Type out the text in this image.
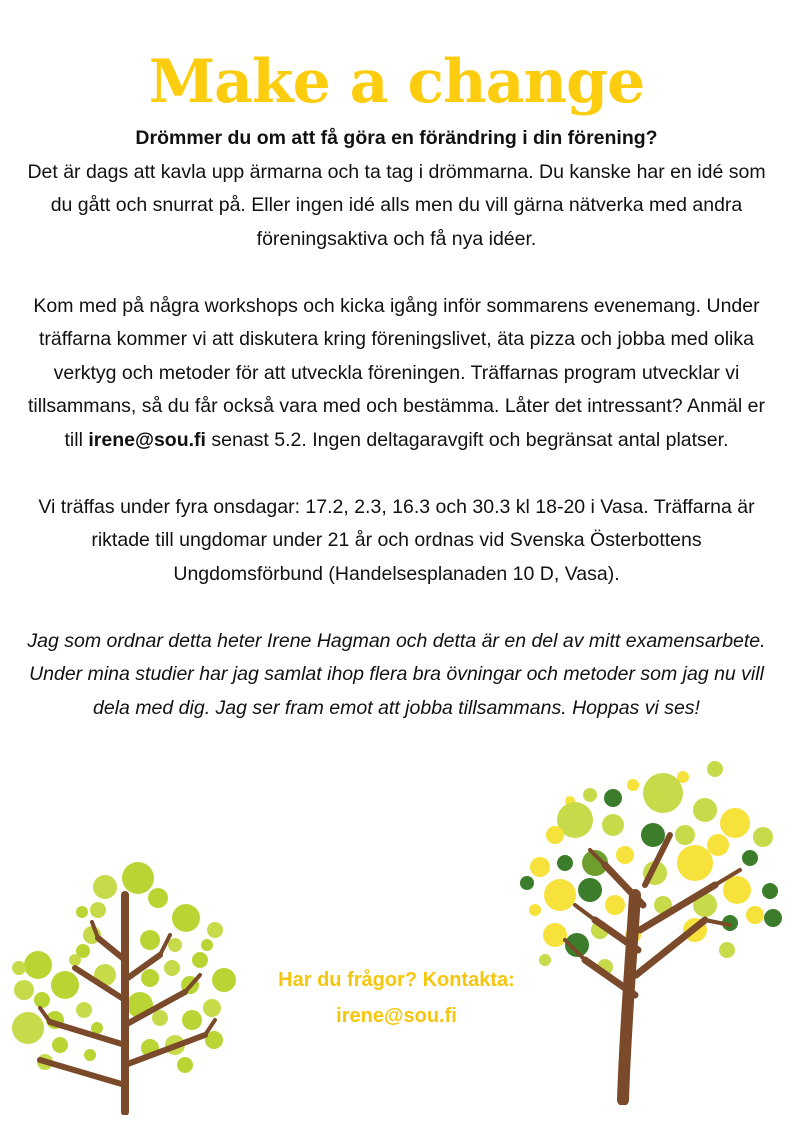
Make a change

Drömmer du om att få göra en förändring i din förening?

Det är dags att kavla upp ärmarna och ta tag i drömmarna. Du kanske har en idé som du gått och snurrat på. Eller ingen idé alls men du vill gärna nätverka med andra föreningsaktiva och få nya idéer.

Kom med på några workshops och kicka igång inför sommarens evenemang. Under träffarna kommer vi att diskutera kring föreningslivet, äta pizza och jobba med olika verktyg och metoder för att utveckla föreningen. Träffarnas program utvecklar vi tillsammans, så du får också vara med och bestämma. Låter det intressant? Anmäl er till irene@sou.fi senast 5.2. Ingen deltagaravgift och begränsat antal platser.

Vi träffas under fyra onsdagar: 17.2, 2.3, 16.3 och 30.3 kl 18-20 i Vasa. Träffarna är riktade till ungdomar under 21 år och ordnas vid Svenska Österbottens Ungdomsförbund (Handelsesplanaden 10 D, Vasa).

Jag som ordnar detta heter Irene Hagman och detta är en del av mitt examensarbete. Under mina studier har jag samlat ihop flera bra övningar och metoder som jag nu vill dela med dig. Jag ser fram emot att jobba tillsammans. Hoppas vi ses!

Har du frågor? Kontakta:
irene@sou.fi
